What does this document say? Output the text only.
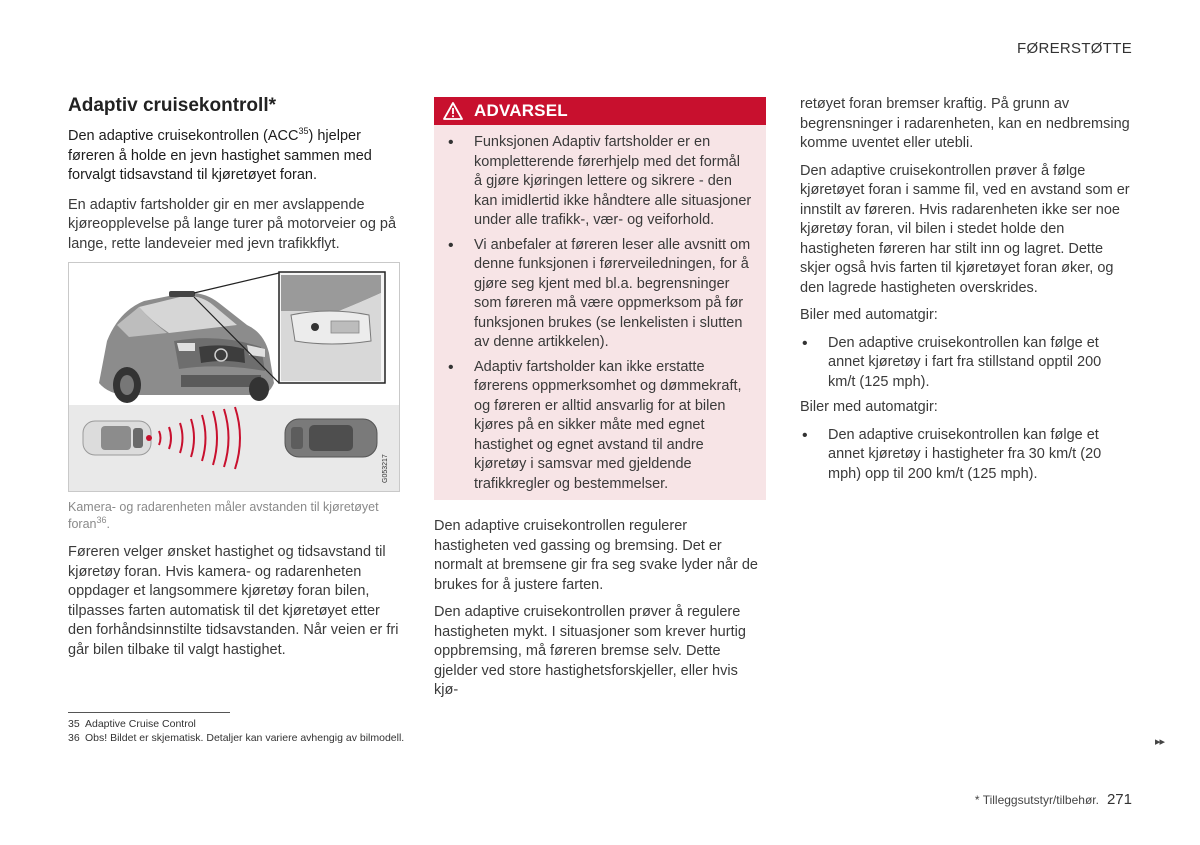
FØRERSTØTTE
Adaptiv cruisekontroll*

Den adaptive cruisekontrollen (ACC$^{35}$) hjelper føreren å holde en jevn hastighet sammen med forvalgt tidsavstand til kjøretøyet foran.

En adaptiv fartsholder gir en mer avslappende kjøreopplevelse på lange turer på motorveier og på lange, rette landeveier med jevn trafikkflyt.

G053217
Kamera- og radarenheten måler avstanden til kjøretøyet foran$^{36}$.

Føreren velger ønsket hastighet og tidsavstand til kjøretøy foran. Hvis kamera- og radarenheten oppdager et langsommere kjøretøy foran bilen, tilpasses farten automatisk til det kjøretøyet etter den forhåndsinnstilte tidsavstanden. Når veien er fri går bilen tilbake til valgt hastighet.

ADVARSEL
• Funksjonen Adaptiv fartsholder er en kompletterende førerhjelp med det formål å gjøre kjøringen lettere og sikrere - den kan imidlertid ikke håndtere alle situasjoner under alle trafikk-, vær- og veiforhold.
• Vi anbefaler at føreren leser alle avsnitt om denne funksjonen i førerveiledningen, for å gjøre seg kjent med bl.a. begrensninger som føreren må være oppmerksom på før funksjonen brukes (se lenkelisten i slutten av denne artikkelen).
• Adaptiv fartsholder kan ikke erstatte førerens oppmerksomhet og dømmekraft, og føreren er alltid ansvarlig for at bilen kjøres på en sikker måte med egnet hastighet og egnet avstand til andre kjøretøy i samsvar med gjeldende trafikkregler og bestemmelser.

Den adaptive cruisekontrollen regulerer hastigheten ved gassing og bremsing. Det er normalt at bremsene gir fra seg svake lyder når de brukes for å justere farten.

Den adaptive cruisekontrollen prøver å regulere hastigheten mykt. I situasjoner som krever hurtig oppbremsing, må føreren bremse selv. Dette gjelder ved store hastighetsforskjeller, eller hvis kjø-

retøyet foran bremser kraftig. På grunn av begrensninger i radarenheten, kan en nedbremsing komme uventet eller utebli.

Den adaptive cruisekontrollen prøver å følge kjøretøyet foran i samme fil, ved en avstand som er innstilt av føreren. Hvis radarenheten ikke ser noe kjøretøy foran, vil bilen i stedet holde den hastigheten føreren har stilt inn og lagret. Dette skjer også hvis farten til kjøretøyet foran øker, og den lagrede hastigheten overskrides.

Biler med automatgir:

• Den adaptive cruisekontrollen kan følge et annet kjøretøy i fart fra stillstand opptil 200 km/t (125 mph).

Biler med automatgir:

• Den adaptive cruisekontrollen kan følge et annet kjøretøy i hastigheter fra 30 km/t (20 mph) opp til 200 km/t (125 mph).
35 Adaptive Cruise Control
36 Obs! Bildet er skjematisk. Detaljer kan variere avhengig av bilmodell.	▸▸
* Tilleggsutstyr/tilbehør. 271
